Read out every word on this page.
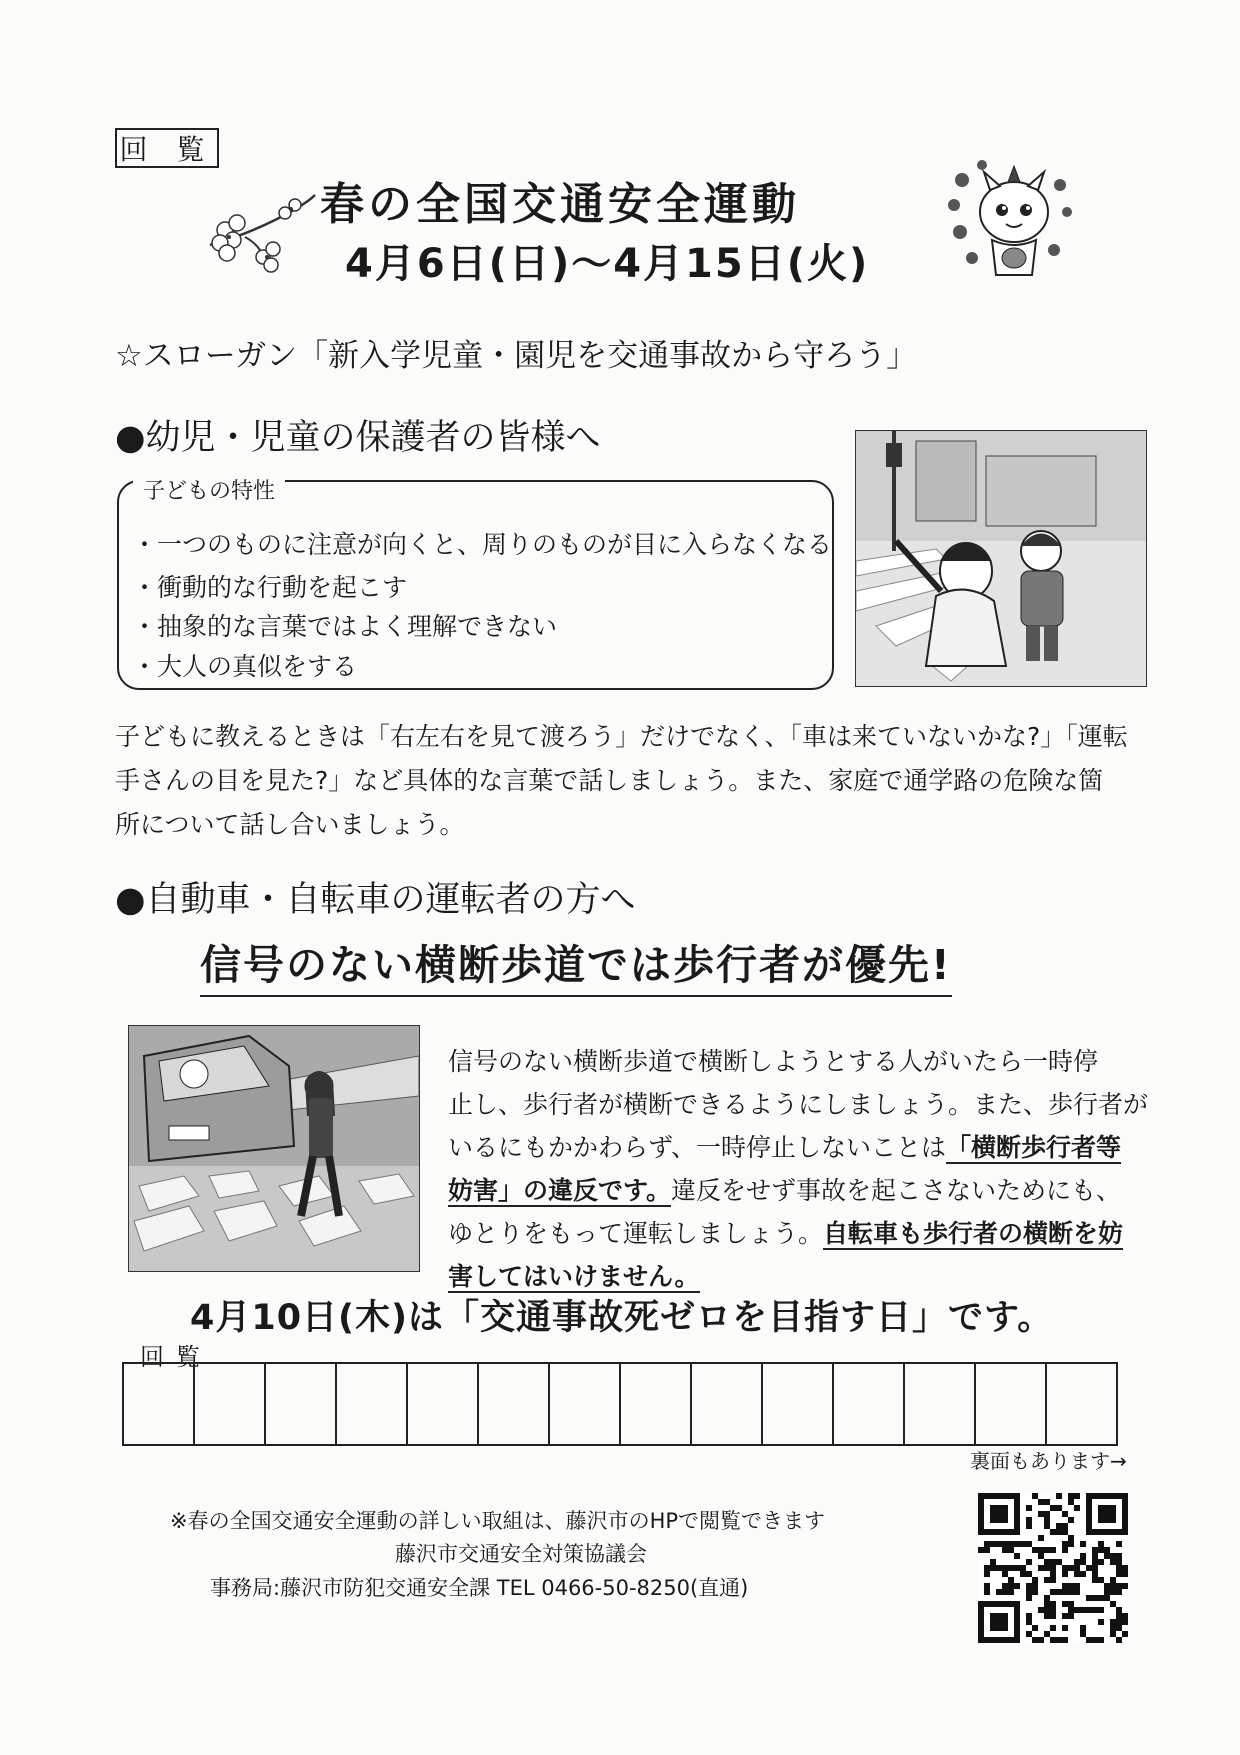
回 覧
春の全国交通安全運動
4月6日(日)～4月15日(火)
☆スローガン「新入学児童・園児を交通事故から守ろう」
●幼児・児童の保護者の皆様へ
子どもの特性
・一つのものに注意が向くと、周りのものが目に入らなくなる
・衝動的な行動を起こす
・抽象的な言葉ではよく理解できない
・大人の真似をする
子どもに教えるときは「右左右を見て渡ろう」だけでなく、「車は来ていないかな?」「運転
手さんの目を見た?」など具体的な言葉で話しましょう。また、家庭で通学路の危険な箇
所について話し合いましょう。
●自動車・自転車の運転者の方へ
信号のない横断歩道では歩行者が優先!
信号のない横断歩道で横断しようとする人がいたら一時停
止し、歩行者が横断できるようにしましょう。また、歩行者が
いるにもかかわらず、一時停止しないことは「横断歩行者等
妨害」の違反です。違反をせず事故を起こさないためにも、
ゆとりをもって運転しましょう。自転車も歩行者の横断を妨
害してはいけません。
4月10日(木)は「交通事故死ゼロを目指す日」です。
回覧
裏面もあります→
※春の全国交通安全運動の詳しい取組は、藤沢市のHPで閲覧できます
藤沢市交通安全対策協議会
事務局:藤沢市防犯交通安全課 TEL 0466-50-8250(直通)
